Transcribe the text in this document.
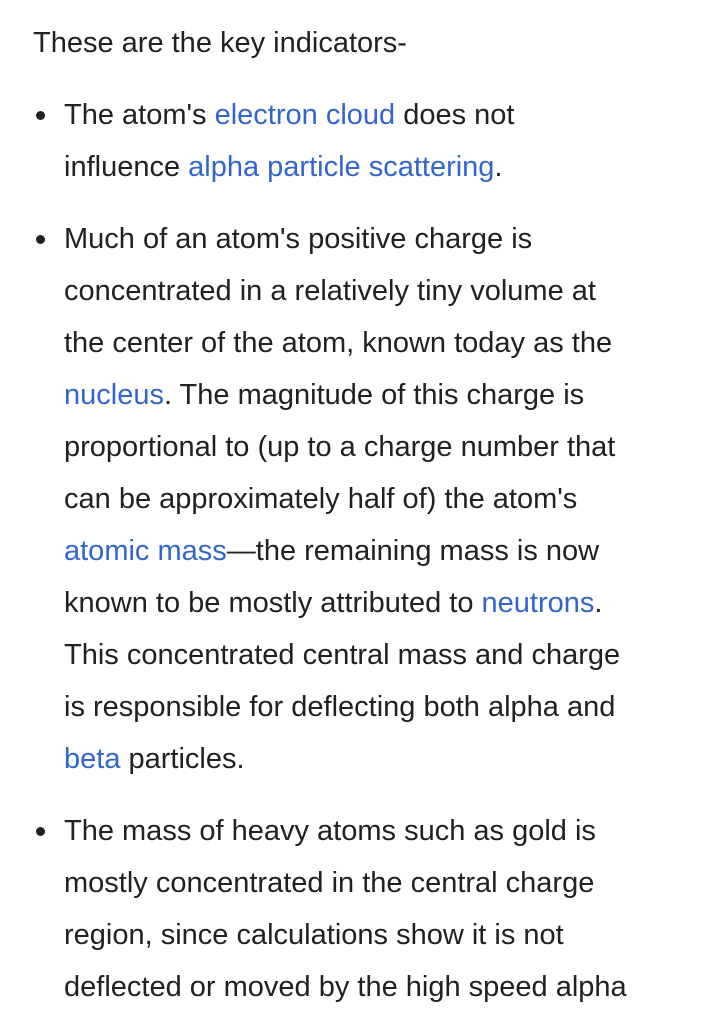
These are the key indicators-

The atom's electron cloud does not
influence alpha particle scattering.
Much of an atom's positive charge is
concentrated in a relatively tiny volume at
the center of the atom, known today as the
nucleus. The magnitude of this charge is
proportional to (up to a charge number that
can be approximately half of) the atom's
atomic mass—the remaining mass is now
known to be mostly attributed to neutrons.
This concentrated central mass and charge
is responsible for deflecting both alpha and
beta particles.
The mass of heavy atoms such as gold is
mostly concentrated in the central charge
region, since calculations show it is not
deflected or moved by the high speed alpha
